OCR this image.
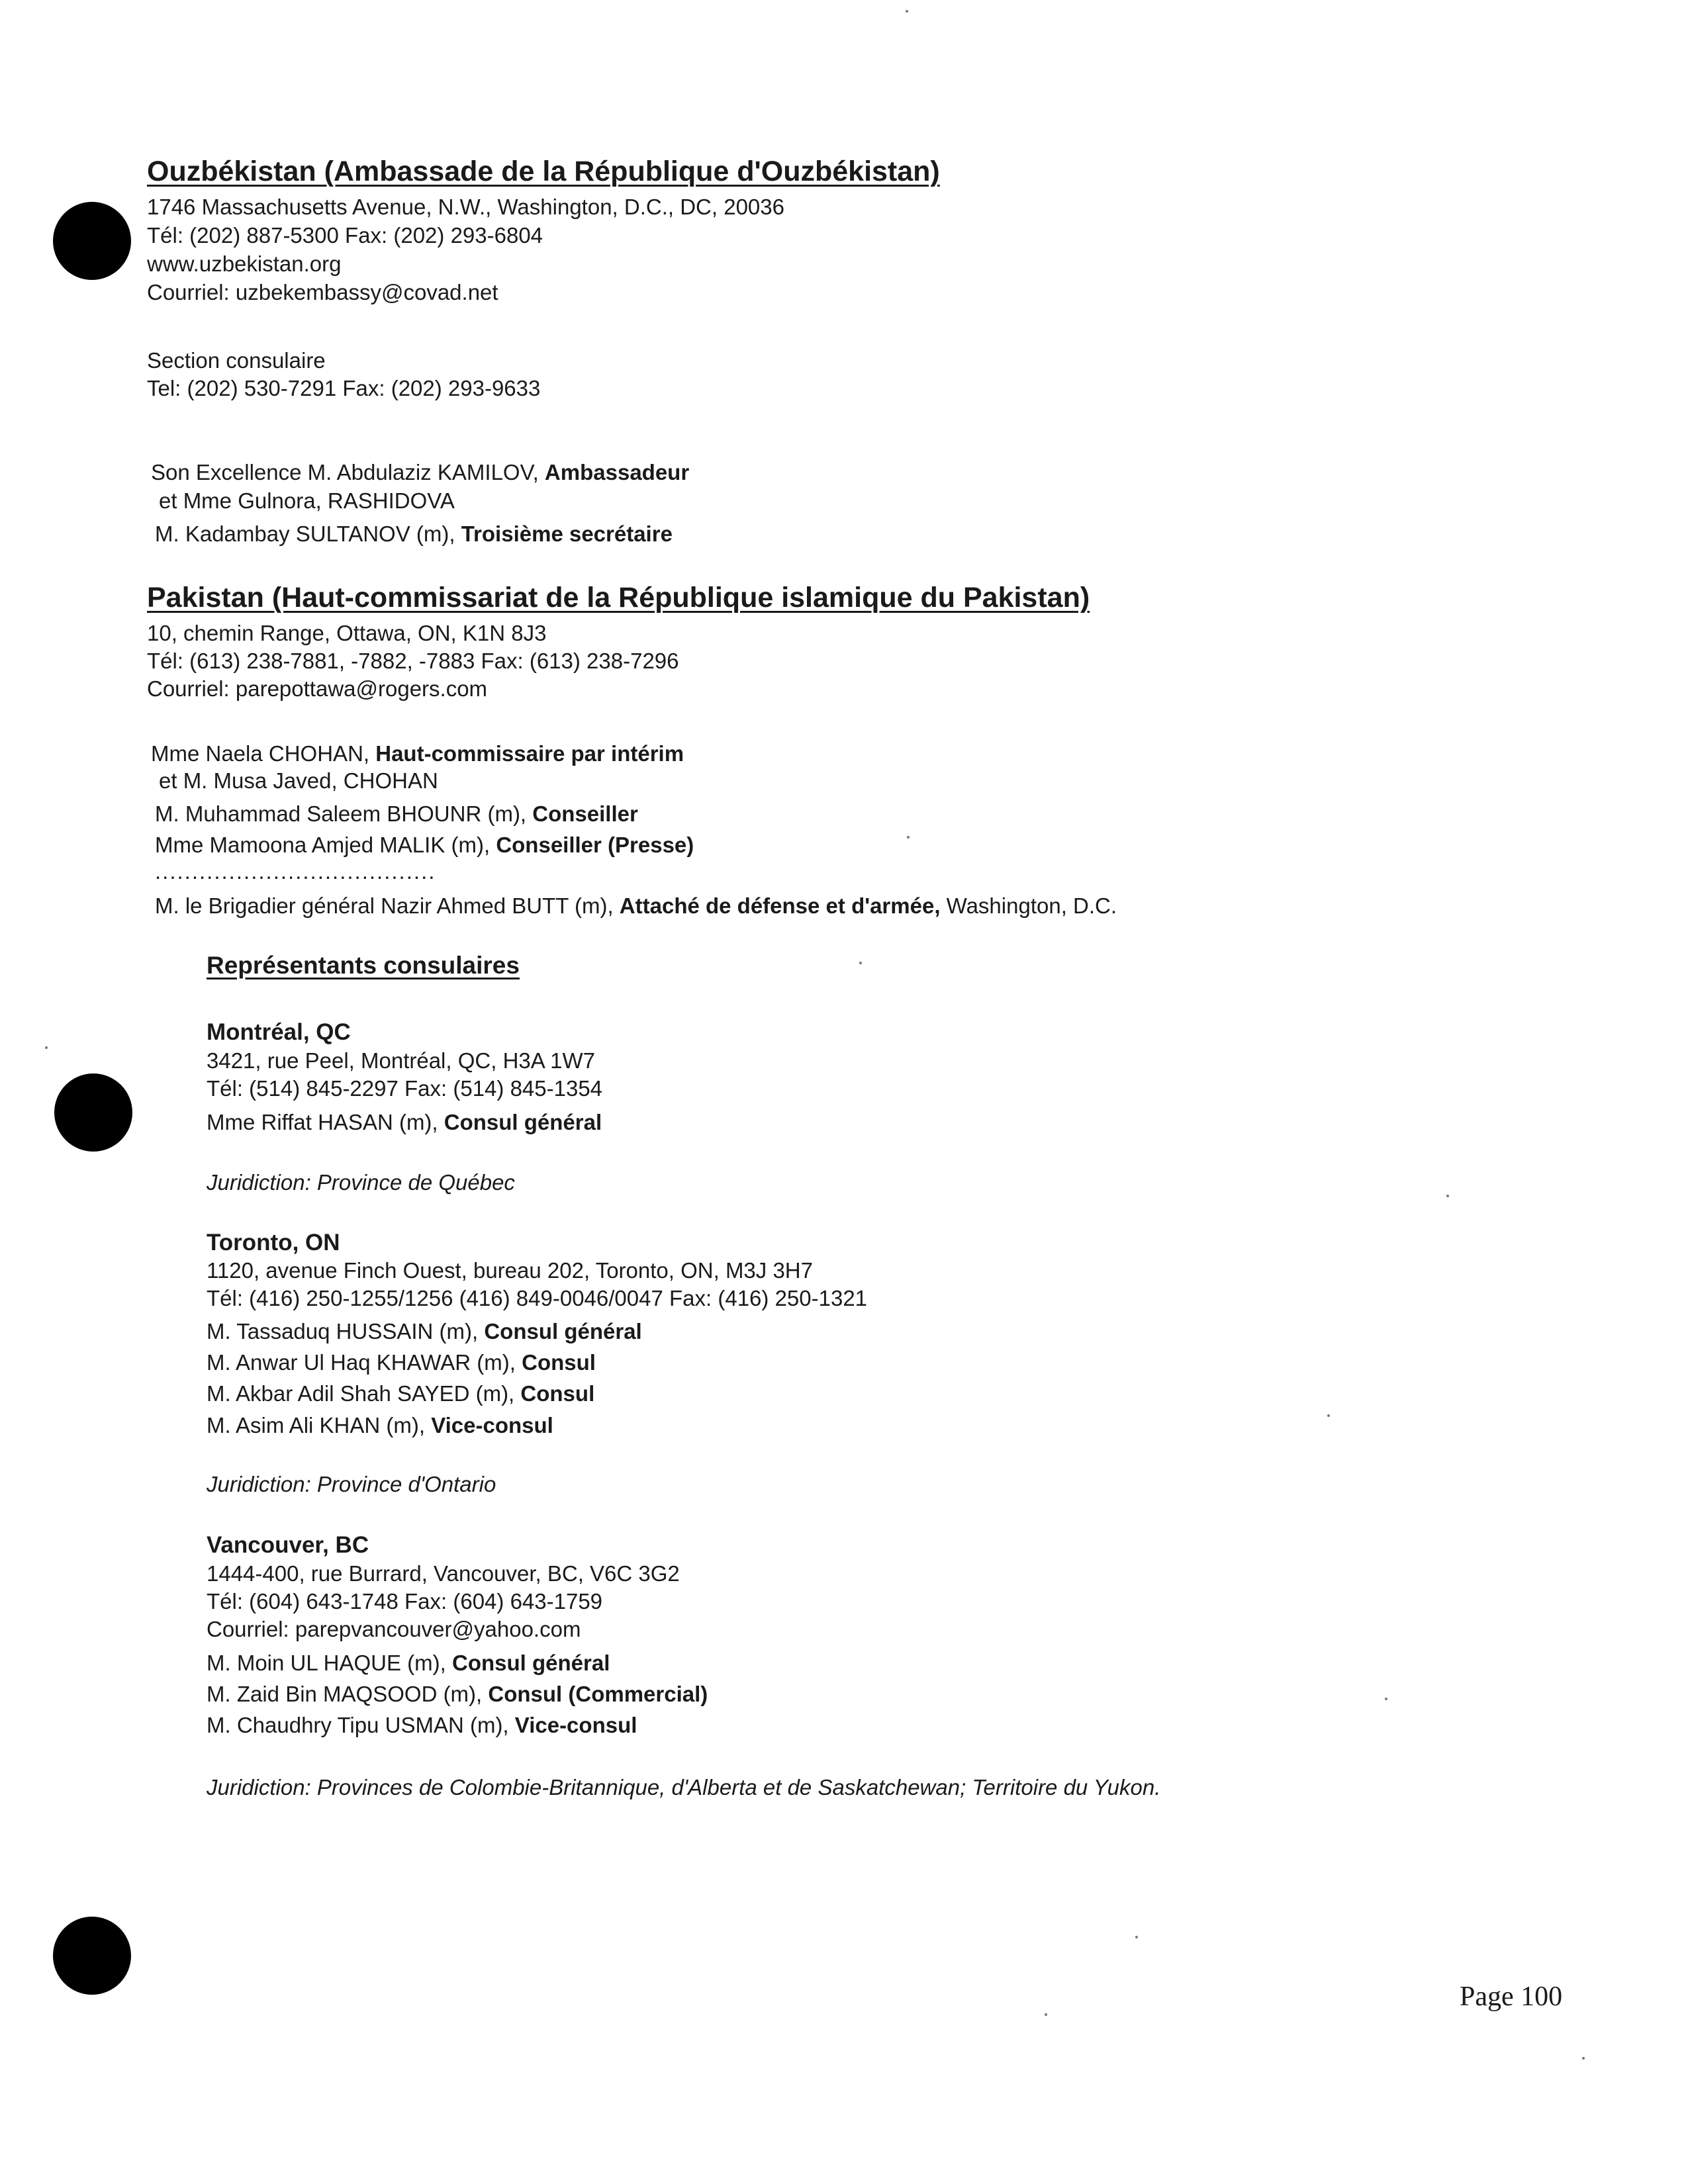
Ouzbékistan (Ambassade de la République d'Ouzbékistan)
1746 Massachusetts Avenue, N.W., Washington, D.C., DC, 20036
Tél: (202) 887-5300 Fax: (202) 293-6804
www.uzbekistan.org
Courriel: uzbekembassy@covad.net
Section consulaire
Tel: (202) 530-7291 Fax: (202) 293-9633
Son Excellence M. Abdulaziz KAMILOV, Ambassadeur
et Mme Gulnora, RASHIDOVA
M. Kadambay SULTANOV (m), Troisième secrétaire
Pakistan (Haut-commissariat de la République islamique du Pakistan)
10, chemin Range, Ottawa, ON, K1N 8J3
Tél: (613) 238-7881, -7882, -7883 Fax: (613) 238-7296
Courriel: parepottawa@rogers.com
Mme Naela CHOHAN, Haut-commissaire par intérim
et M. Musa Javed, CHOHAN
M. Muhammad Saleem BHOUNR (m), Conseiller
Mme Mamoona Amjed MALIK (m), Conseiller (Presse)
......................................
M. le Brigadier général Nazir Ahmed BUTT (m), Attaché de défense et d'armée, Washington, D.C.
Représentants consulaires
Montréal, QC
3421, rue Peel, Montréal, QC, H3A 1W7
Tél: (514) 845-2297 Fax: (514) 845-1354
Mme Riffat HASAN (m), Consul général
Juridiction: Province de Québec
Toronto, ON
1120, avenue Finch Ouest, bureau 202, Toronto, ON, M3J 3H7
Tél: (416) 250-1255/1256 (416) 849-0046/0047 Fax: (416) 250-1321
M. Tassaduq HUSSAIN (m), Consul général
M. Anwar Ul Haq KHAWAR (m), Consul
M. Akbar Adil Shah SAYED (m), Consul
M. Asim Ali KHAN (m), Vice-consul
Juridiction: Province d'Ontario
Vancouver, BC
1444-400, rue Burrard, Vancouver, BC, V6C 3G2
Tél: (604) 643-1748 Fax: (604) 643-1759
Courriel: parepvancouver@yahoo.com
M. Moin UL HAQUE (m), Consul général
M. Zaid Bin MAQSOOD (m), Consul (Commercial)
M. Chaudhry Tipu USMAN (m), Vice-consul
Juridiction: Provinces de Colombie-Britannique, d'Alberta et de Saskatchewan; Territoire du Yukon.
Page 100
